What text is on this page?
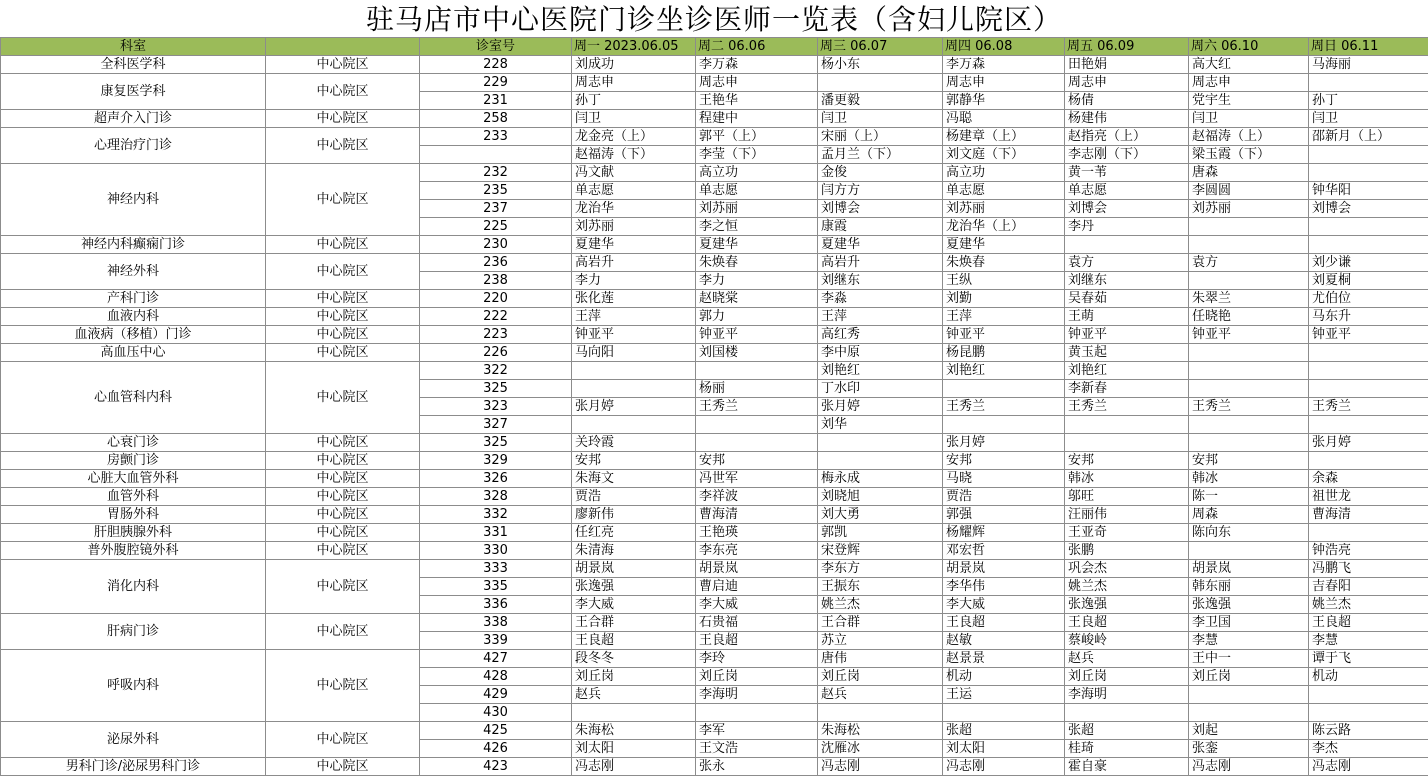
驻马店市中心医院门诊坐诊医师一览表（含妇儿院区）
科室		诊室号	周一 2023.06.05	周二 06.06	周三 06.07	周四 06.08	周五 06.09	周六 06.10	周日 06.11
全科医学科	中心院区	228	刘成功	李万森	杨小东	李万森	田艳娟	高大红	马海丽
康复医学科	中心院区	229	周志申	周志申		周志申	周志申	周志申	
		231	孙丁	王艳华	潘更毅	郭静华	杨倩	党宇生	孙丁
超声介入门诊	中心院区	258	闫卫	程建中	闫卫	冯聪	杨建伟	闫卫	闫卫
心理治疗门诊	中心院区	233	龙金亮（上）	郭平（上）	宋丽（上）	杨建章（上）	赵指亮（上）	赵福涛（上）	邵新月（上）
			赵福涛（下）	李莹（下）	孟月兰（下）	刘文庭（下）	李志刚（下）	梁玉霞（下）	
神经内科	中心院区	232	冯文献	高立功	金俊	高立功	黄一苇	唐森	
		235	单志愿	单志愿	闫方方	单志愿	单志愿	李圆圆	钟华阳
		237	龙治华	刘苏丽	刘博会	刘苏丽	刘博会	刘苏丽	刘博会
		225	刘苏丽	李之恒	康霞	龙治华（上）	李丹		
神经内科癫痫门诊	中心院区	230	夏建华	夏建华	夏建华	夏建华			
神经外科	中心院区	236	高岩升	朱焕春	高岩升	朱焕春	袁方	袁方	刘少谦
		238	李力	李力	刘继东	王纵	刘继东		刘夏桐
产科门诊	中心院区	220	张化莲	赵晓棠	李淼	刘勤	吴春茹	朱翠兰	尤伯位
血液内科	中心院区	222	王萍	郭力	王萍	王萍	王萌	任晓艳	马东升
血液病（移植）门诊	中心院区	223	钟亚平	钟亚平	高红秀	钟亚平	钟亚平	钟亚平	钟亚平
高血压中心	中心院区	226	马向阳	刘国楼	李中原	杨昆鹏	黄玉起		
心血管科内科	中心院区	322			刘艳红	刘艳红	刘艳红		
		325		杨丽	丁水印		李新春		
		323	张月婷	王秀兰	张月婷	王秀兰	王秀兰	王秀兰	王秀兰
		327			刘华				
心衰门诊	中心院区	325	关玲霞			张月婷			张月婷
房颤门诊	中心院区	329	安邦	安邦		安邦	安邦	安邦	
心脏大血管外科	中心院区	326	朱海文	冯世军	梅永成	马晓	韩冰	韩冰	余森
血管外科	中心院区	328	贾浩	李祥波	刘晓旭	贾浩	邬旺	陈一	祖世龙
胃肠外科	中心院区	332	廖新伟	曹海清	刘大勇	郭强	汪丽伟	周森	曹海清
肝胆胰腺外科	中心院区	331	任红亮	王艳瑛	郭凯	杨耀辉	王亚奇	陈向东	
普外腹腔镜外科	中心院区	330	朱清海	李东亮	宋登辉	邓宏哲	张鹏		钟浩亮
消化内科	中心院区	333	胡景岚	胡景岚	李东方	胡景岚	巩会杰	胡景岚	冯鹏飞
		335	张逸强	曹启迪	王振东	李华伟	姚兰杰	韩东丽	吉春阳
		336	李大威	李大威	姚兰杰	李大威	张逸强	张逸强	姚兰杰
肝病门诊	中心院区	338	王合群	石贵福	王合群	王良超	王良超	李卫国	王良超
		339	王良超	王良超	苏立	赵敏	蔡峻岭	李慧	李慧
呼吸内科	中心院区	427	段冬冬	李玲	唐伟	赵景景	赵兵	王中一	谭于飞
		428	刘丘岗	刘丘岗	刘丘岗	机动	刘丘岗	刘丘岗	机动
		429	赵兵	李海明	赵兵	王运	李海明		
		430							
泌尿外科	中心院区	425	朱海松	李军	朱海松	张超	张超	刘起	陈云路
		426	刘太阳	王文浩	沈雁冰	刘太阳	桂琦	张銮	李杰
男科门诊/泌尿男科门诊	中心院区	423	冯志刚	张永	冯志刚	冯志刚	霍自豪	冯志刚	冯志刚
